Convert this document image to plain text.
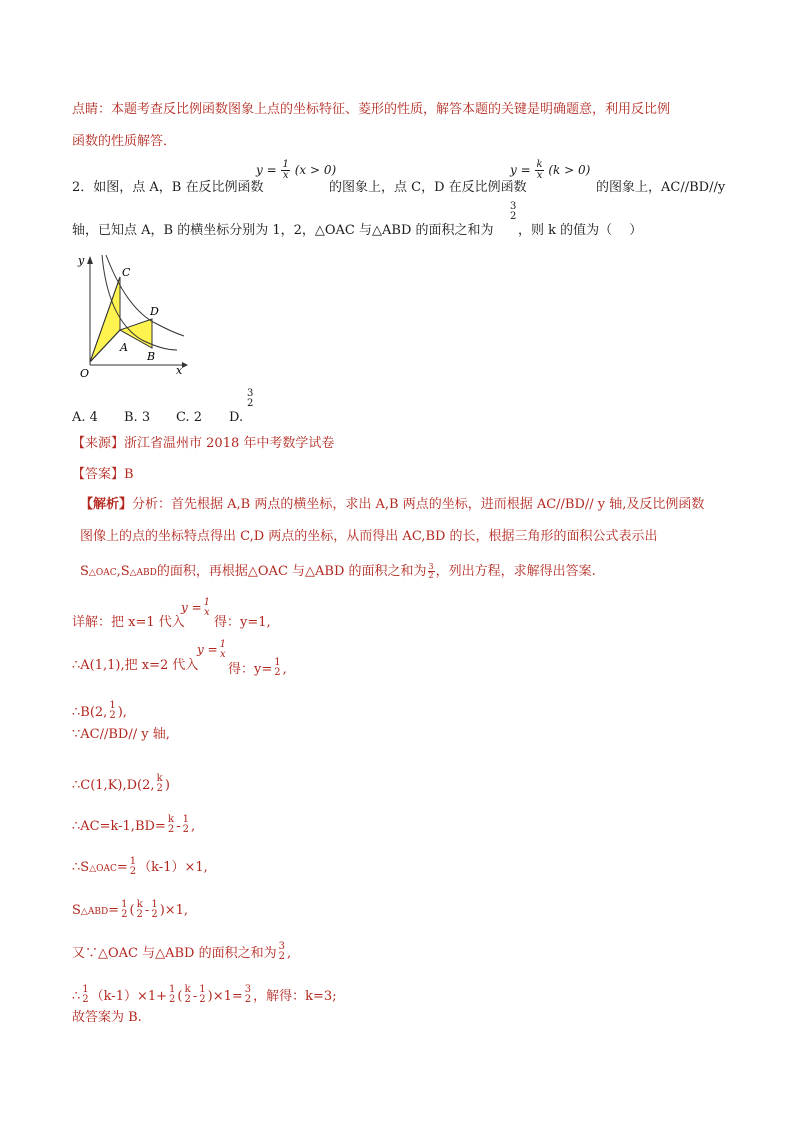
点睛：本题考查反比例函数图象上点的坐标特征、菱形的性质，解答本题的关键是明确题意，利用反比例
函数的性质解答．
2．如图，点 A，B 在反比例函数
$y = \frac{1}{x} (x > 0)$
的图象上，点 C，D 在反比例函数
$y = \frac{k}{x} (k > 0)$
的图象上，AC//BD//y
轴，已知点 A，B 的横坐标分别为 1，2，△OAC 与△ABD 的面积之和为
3
2
，则 k 的值为（　 ）
y
x
O
C
D
A
B
A. 4 B. 3 C. 2 D.
3
2
【来源】浙江省温州市 2018 年中考数学试卷
【答案】B
【解析】分析：首先根据 A,B 两点的横坐标，求出 A,B 两点的坐标，进而根据 AC//BD// y 轴,及反比例函数
图像上的点的坐标特点得出 C,D 两点的坐标，从而得出 AC,BD 的长，根据三角形的面积公式表示出
S△OAC,S△ABD的面积，再根据△OAC 与△ABD 的面积之和为 $\frac{3}{2}$ ，列出方程，求解得出答案.
详解：把 x=1 代入
y = 1
x
得：y=1,
∴A(1,1),把 x=2 代入
y = 1
x
得：y= 1
2 ,
∴B(2, 1
2 ),
∵AC//BD// y 轴,
∴C(1,K),D(2, k
2 )
∴AC=k-1,BD= k
2 - 1
2 ,
∴S△OAC= 1
2 （k-1）×1,
S△ABD= 1
2 ( k
2 - 1
2 )×1,
又∵△OAC 与△ABD 的面积之和为 3
2 ,
∴ 1
2 （k-1）×1+ 1
2 ( k
2 - 1
2 )×1= 3
2 ，解得：k=3;
故答案为 B.
